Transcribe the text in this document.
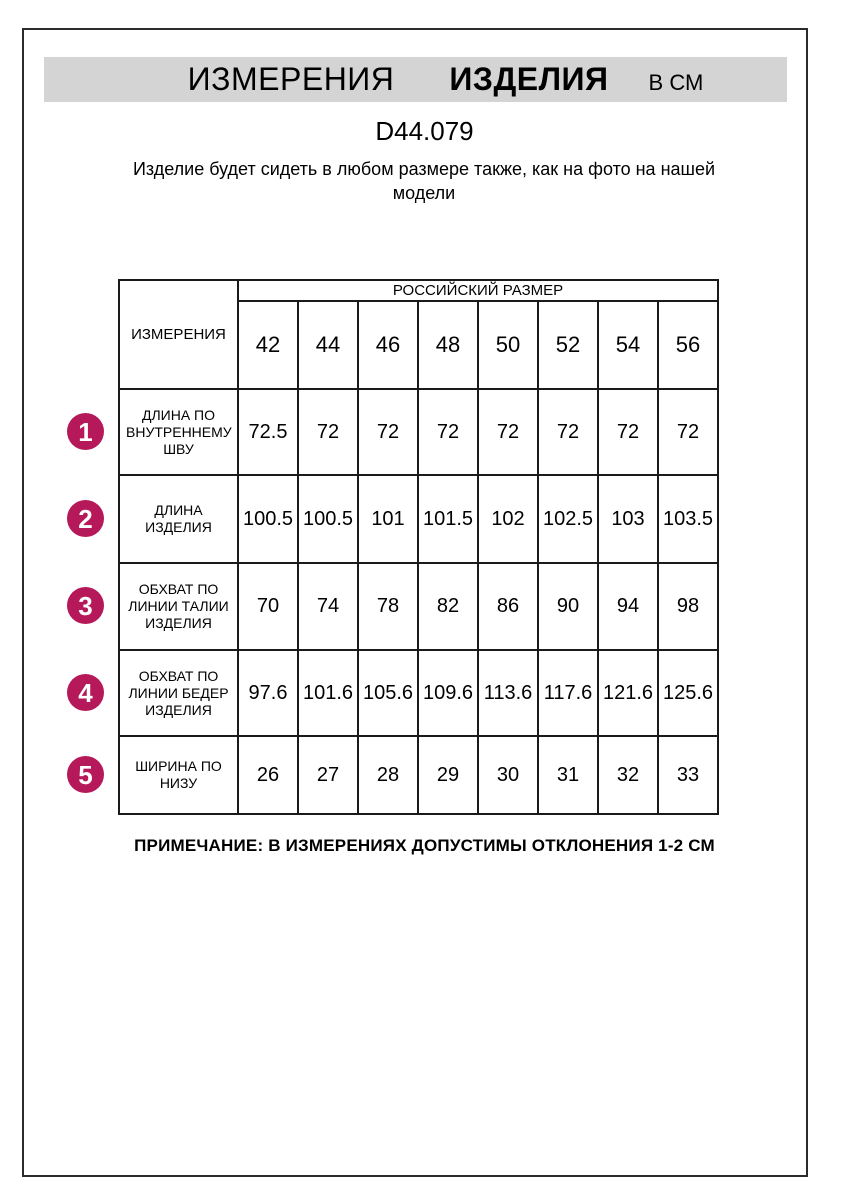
ИЗМЕРЕНИЯ ИЗДЕЛИЯ В СМ
D44.079
Изделие будет сидеть в любом размере также, как на фото на нашей модели
1
2
3
4
5
ИЗМЕРЕНИЯ	РОССИЙСКИЙ РАЗМЕР							
	42	44	46	48	50	52	54	56
ДЛИНА ПО ВНУТРЕННЕМУ ШВУ	72.5	72	72	72	72	72	72	72
ДЛИНА ИЗДЕЛИЯ	100.5	100.5	101	101.5	102	102.5	103	103.5
ОБХВАТ ПО ЛИНИИ ТАЛИИ ИЗДЕЛИЯ	70	74	78	82	86	90	94	98
ОБХВАТ ПО ЛИНИИ БЕДЕР ИЗДЕЛИЯ	97.6	101.6	105.6	109.6	113.6	117.6	121.6	125.6
ШИРИНА ПО НИЗУ	26	27	28	29	30	31	32	33
ПРИМЕЧАНИЕ: В ИЗМЕРЕНИЯХ ДОПУСТИМЫ ОТКЛОНЕНИЯ 1-2 СМ
